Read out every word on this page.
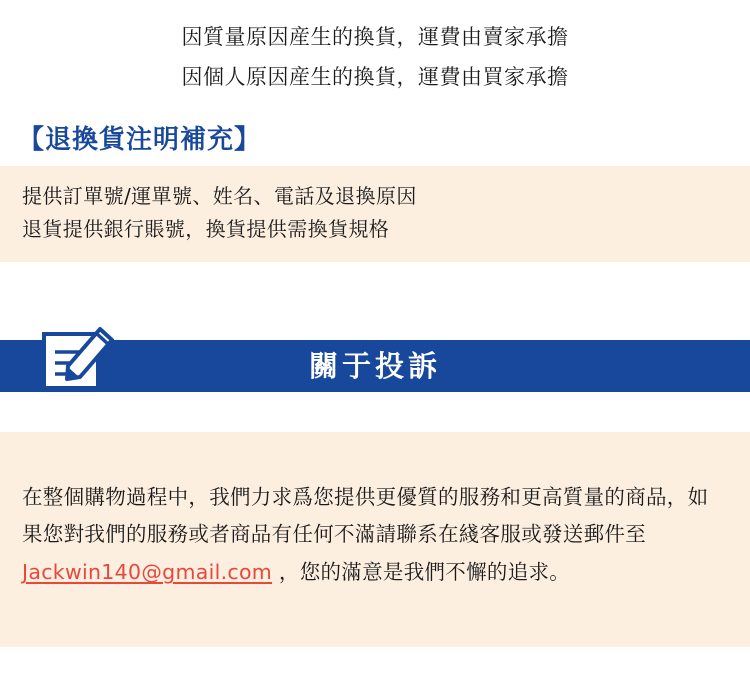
因質量原因産生的換貨，運費由賣家承擔
因個人原因産生的換貨，運費由買家承擔
【退換貨注明補充】
提供訂單號/運單號、姓名、電話及退換原因
退貨提供銀行賬號，換貨提供需換貨規格
關于投訴

在整個購物過程中，我們力求爲您提供更優質的服務和更高質量的商品，如果您對我們的服務或者商品有任何不滿請聯系在綫客服或發送郵件至 Jackwin140@gmail.com ，您的滿意是我們不懈的追求。
